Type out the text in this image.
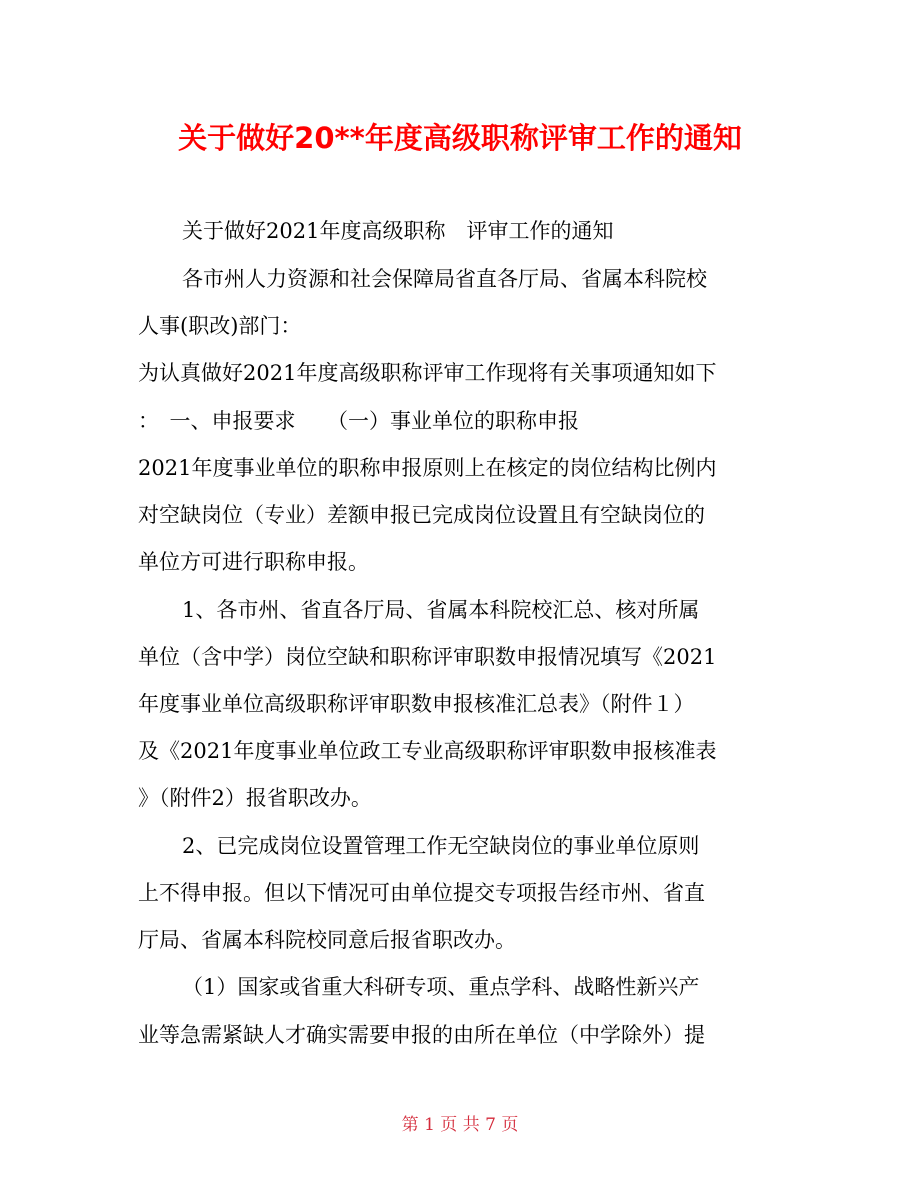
关于做好20**年度高级职称评审工作的通知
关于做好2021年度高级职称　评审工作的通知
各市州人力资源和社会保障局省直各厅局、省属本科院校
人事(职改)部门：
为认真做好2021年度高级职称评审工作现将有关事项通知如下
：　一、申报要求　　（一）事业单位的职称申报
2021年度事业单位的职称申报原则上在核定的岗位结构比例内
对空缺岗位（专业）差额申报已完成岗位设置且有空缺岗位的
单位方可进行职称申报。
1、各市州、省直各厅局、省属本科院校汇总、核对所属
单位（含中学）岗位空缺和职称评审职数申报情况填写《2021
年度事业单位高级职称评审职数申报核准汇总表》（附件１）
及《2021年度事业单位政工专业高级职称评审职数申报核准表
》（附件2）报省职改办。
2、已完成岗位设置管理工作无空缺岗位的事业单位原则
上不得申报。但以下情况可由单位提交专项报告经市州、省直
厅局、省属本科院校同意后报省职改办。
（1）国家或省重大科研专项、重点学科、战略性新兴产
业等急需紧缺人才确实需要申报的由所在单位（中学除外）提
第 1 页 共 7 页
